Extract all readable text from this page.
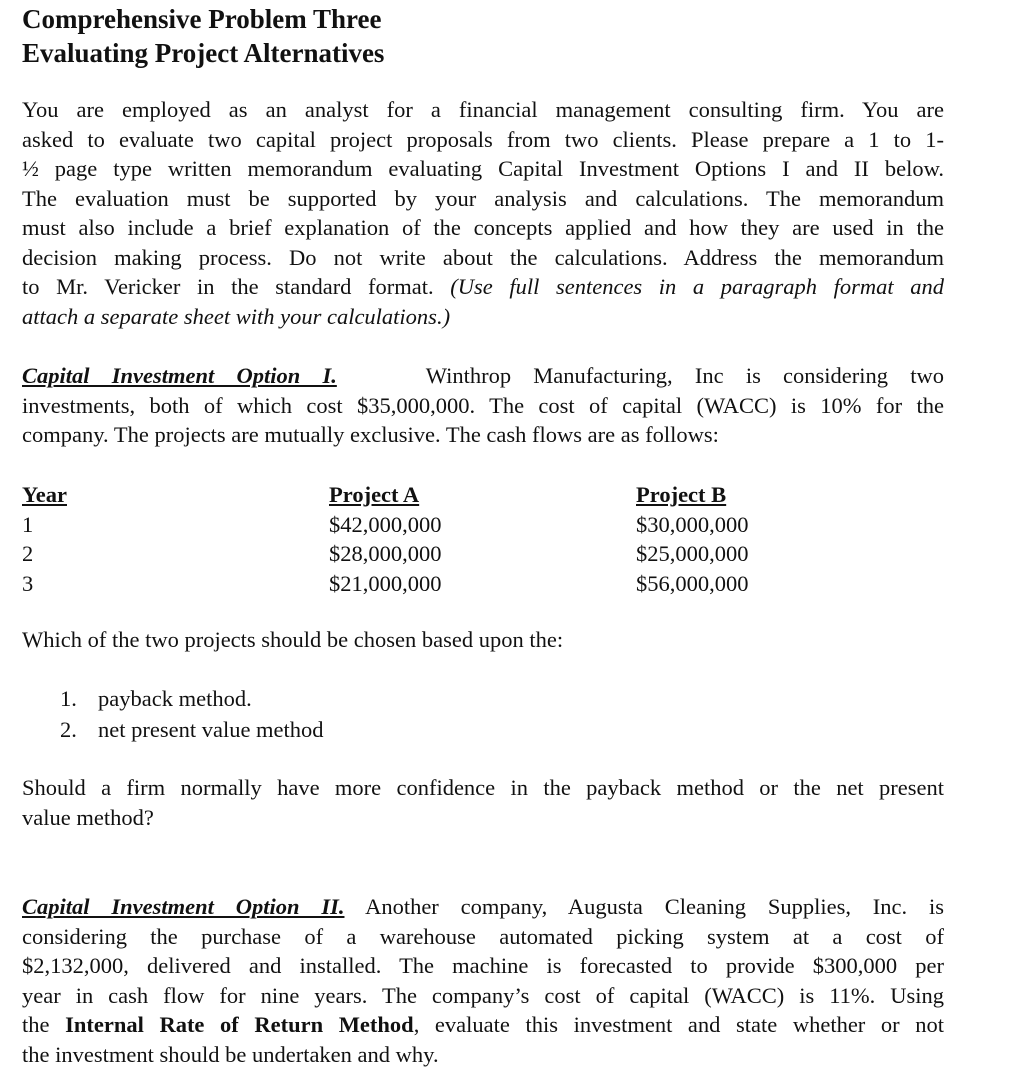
Comprehensive Problem Three
Evaluating Project Alternatives
You are employed as an analyst for a financial management consulting firm. You are
asked to evaluate two capital project proposals from two clients. Please prepare a 1 to 1-
½ page type written memorandum evaluating Capital Investment Options I and II below.
The evaluation must be supported by your analysis and calculations. The memorandum
must also include a brief explanation of the concepts applied and how they are used in the
decision making process. Do not write about the calculations. Address the memorandum
to Mr. Vericker in the standard format. (Use full sentences in a paragraph format and
attach a separate sheet with your calculations.)
Capital Investment Option I.	Winthrop Manufacturing, Inc is considering two
investments, both of which cost $35,000,000. The cost of capital (WACC) is 10% for the
company. The projects are mutually exclusive. The cash flows are as follows:
Year
1
2
3
Project A
$42,000,000
$28,000,000
$21,000,000
Project B
$30,000,000
$25,000,000
$56,000,000
Which of the two projects should be chosen based upon the:
1. payback method.
2. net present value method
Should a firm normally have more confidence in the payback method or the net present
value method?
Capital Investment Option II. Another company, Augusta Cleaning Supplies, Inc. is
considering the purchase of a warehouse automated picking system at a cost of
$2,132,000, delivered and installed. The machine is forecasted to provide $300,000 per
year in cash flow for nine years. The company’s cost of capital (WACC) is 11%. Using
the Internal Rate of Return Method, evaluate this investment and state whether or not
the investment should be undertaken and why.
